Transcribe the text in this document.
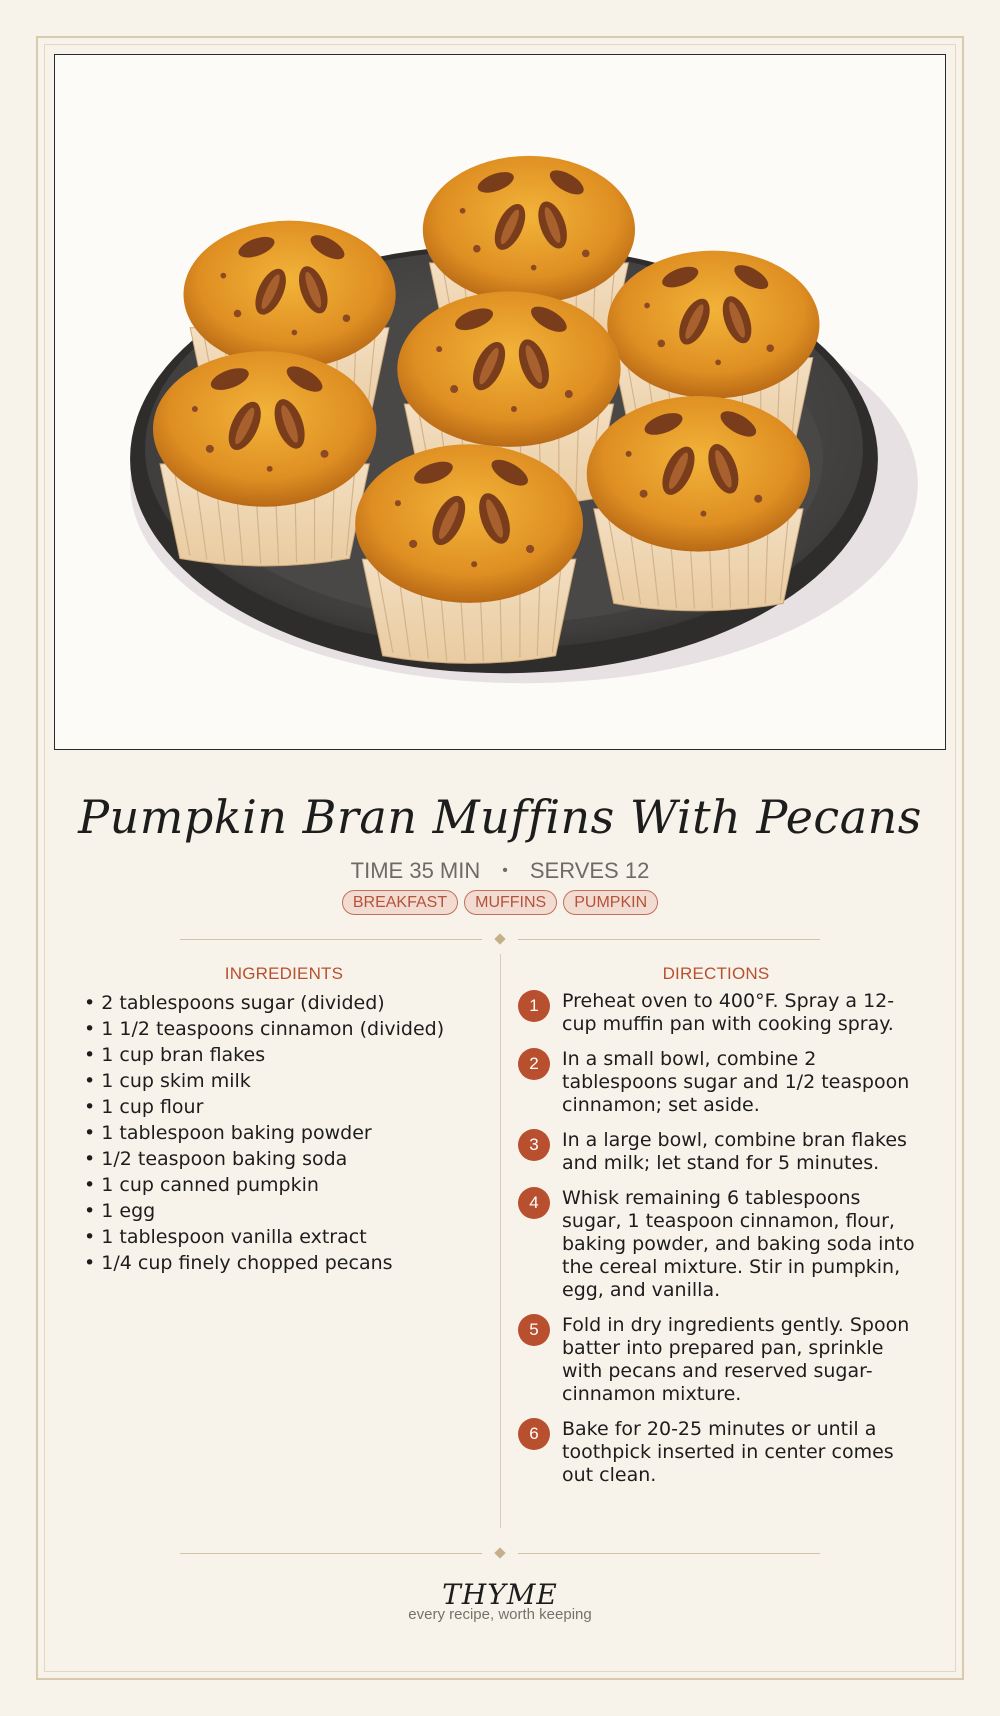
Pumpkin Bran Muffins With Pecans
TIME 35 MIN • SERVES 12
BREAKFAST MUFFINS PUMPKIN
INGREDIENTS
• 2 tablespoons sugar (divided)
• 1 1/2 teaspoons cinnamon (divided)
• 1 cup bran flakes
• 1 cup skim milk
• 1 cup flour
• 1 tablespoon baking powder
• 1/2 teaspoon baking soda
• 1 cup canned pumpkin
• 1 egg
• 1 tablespoon vanilla extract
• 1/4 cup finely chopped pecans
DIRECTIONS
1	Preheat oven to 400°F. Spray a 12-cup muffin pan with cooking spray.
2	In a small bowl, combine 2 tablespoons sugar and 1/2 teaspoon cinnamon; set aside.
3	In a large bowl, combine bran flakes and milk; let stand for 5 minutes.
4	Whisk remaining 6 tablespoons sugar, 1 teaspoon cinnamon, flour, baking powder, and baking soda into the cereal mixture. Stir in pumpkin, egg, and vanilla.
5	Fold in dry ingredients gently. Spoon batter into prepared pan, sprinkle with pecans and reserved sugar-cinnamon mixture.
6	Bake for 20-25 minutes or until a toothpick inserted in center comes out clean.
THYME
every recipe, worth keeping
